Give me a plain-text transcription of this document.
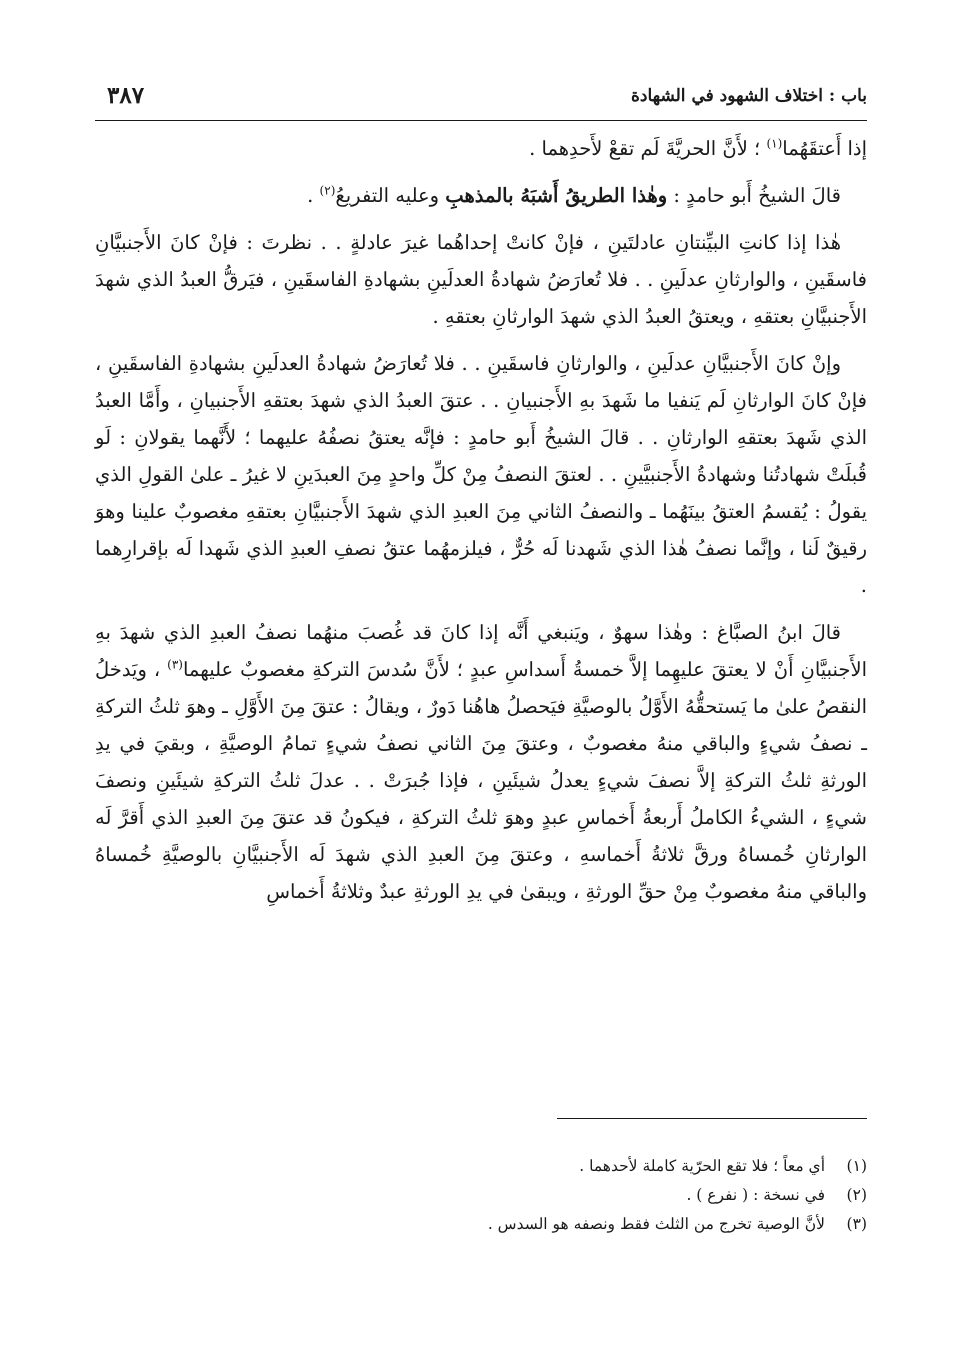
باب : اختلاف الشهود في الشهادة
٣٨٧

إذا أَعتقَهُما$^{(١)}$ ؛ لأَنَّ الحريَّةَ لَم تقعْ لأَحدِهما .

قالَ الشيخُ أَبو حامدٍ : وهٰذا الطريقُ أَشبَهُ بالمذهبِ وعليه التفريعُ$^{(٢)}$ .

هٰذا إذا كانتِ البيِّنتانِ عادلتَينِ ، فإنْ كانتْ إحداهُما غيرَ عادلةٍ . . نظرتَ : فإنْ كانَ الأَجنبيَّانِ فاسقَينِ ، والوارثانِ عدلَينِ . . فلا تُعارَضُ شهادةُ العدلَينِ بشهادةِ الفاسقَينِ ، فيَرقُّ العبدُ الذي شهدَ الأَجنبيَّانِ بعتقهِ ، ويعتقُ العبدُ الذي شهدَ الوارثانِ بعتقهِ .

وإنْ كانَ الأَجنبيَّانِ عدلَينِ ، والوارثانِ فاسقَينِ . . فلا تُعارَضُ شهادةُ العدلَينِ بشهادةِ الفاسقَينِ ، فإنْ كانَ الوارثانِ لَم يَنفيا ما شَهدَ بهِ الأَجنبيانِ . . عتقَ العبدُ الذي شهدَ بعتقهِ الأَجنبيانِ ، وأَمَّا العبدُ الذي شَهدَ بعتقهِ الوارثانِ . . قالَ الشيخُ أَبو حامدٍ : فإنَّه يعتقُ نصفُهُ عليهما ؛ لأَنَّهما يقولانِ : لَو قُبلَتْ شهادتُنا وشهادةُ الأَجنبيَّينِ . . لعتقَ النصفُ مِنْ كلِّ واحدٍ مِنَ العبدَينِ لا غيرُ ـ علىٰ القولِ الذي يقولُ : يُقسمُ العتقُ بينَهُما ـ والنصفُ الثاني مِنَ العبدِ الذي شهدَ الأَجنبيَّانِ بعتقهِ مغصوبٌ علينا وهوَ رقيقٌ لَنا ، وإنَّما نصفُ هٰذا الذي شَهدنا لَه حُرٌّ ، فيلزمهُما عتقُ نصفِ العبدِ الذي شَهدا لَه بإقرارِهما .

قالَ ابنُ الصبَّاغ : وهٰذا سهوٌ ، ويَنبغي أَنَّه إذا كانَ قد غُصبَ منهُما نصفُ العبدِ الذي شهدَ بهِ الأَجنبيَّانِ أَنْ لا يعتقَ عليهِما إلاَّ خمسةُ أَسداسِ عبدٍ ؛ لأَنَّ سُدسَ التركةِ مغصوبٌ عليهما$^{(٣)}$ ، ويَدخلُ النقصُ علىٰ ما يَستحقُّهُ الأَوَّلُ بالوصيَّةِ فيَحصلُ هاهُنا دَورٌ ، ويقالُ : عتقَ مِنَ الأَوَّلِ ـ وهوَ ثلثُ التركةِ ـ نصفُ شيءٍ والباقي منهُ مغصوبٌ ، وعتقَ مِنَ الثاني نصفُ شيءٍ تمامُ الوصيَّةِ ، وبقيَ في يدِ الورثةِ ثلثُ التركةِ إلاَّ نصفَ شيءٍ يعدلُ شيئَينِ ، فإذا جُبرَتْ . . عدلَ ثلثُ التركةِ شيئَينِ ونصفَ شيءٍ ، الشيءُ الكاملُ أَربعةُ أَخماسِ عبدٍ وهوَ ثلثُ التركةِ ، فيكونُ قد عتقَ مِنَ العبدِ الذي أَقرَّ لَه الوارثانِ خُمساهُ ورقَّ ثلاثةُ أَخماسهِ ، وعتقَ مِنَ العبدِ الذي شهدَ لَه الأَجنبيَّانِ بالوصيَّةِ خُمساهُ والباقي منهُ مغصوبٌ مِنْ حقِّ الورثةِ ، ويبقىٰ في يدِ الورثةِ عبدٌ وثلاثةُ أَخماسِ

(١)أي معاً ؛ فلا تقع الحرّية كاملة لأحدهما .
(٢)في نسخة : ( نفرع ) .
(٣)لأنَّ الوصية تخرج من الثلث فقط ونصفه هو السدس .
